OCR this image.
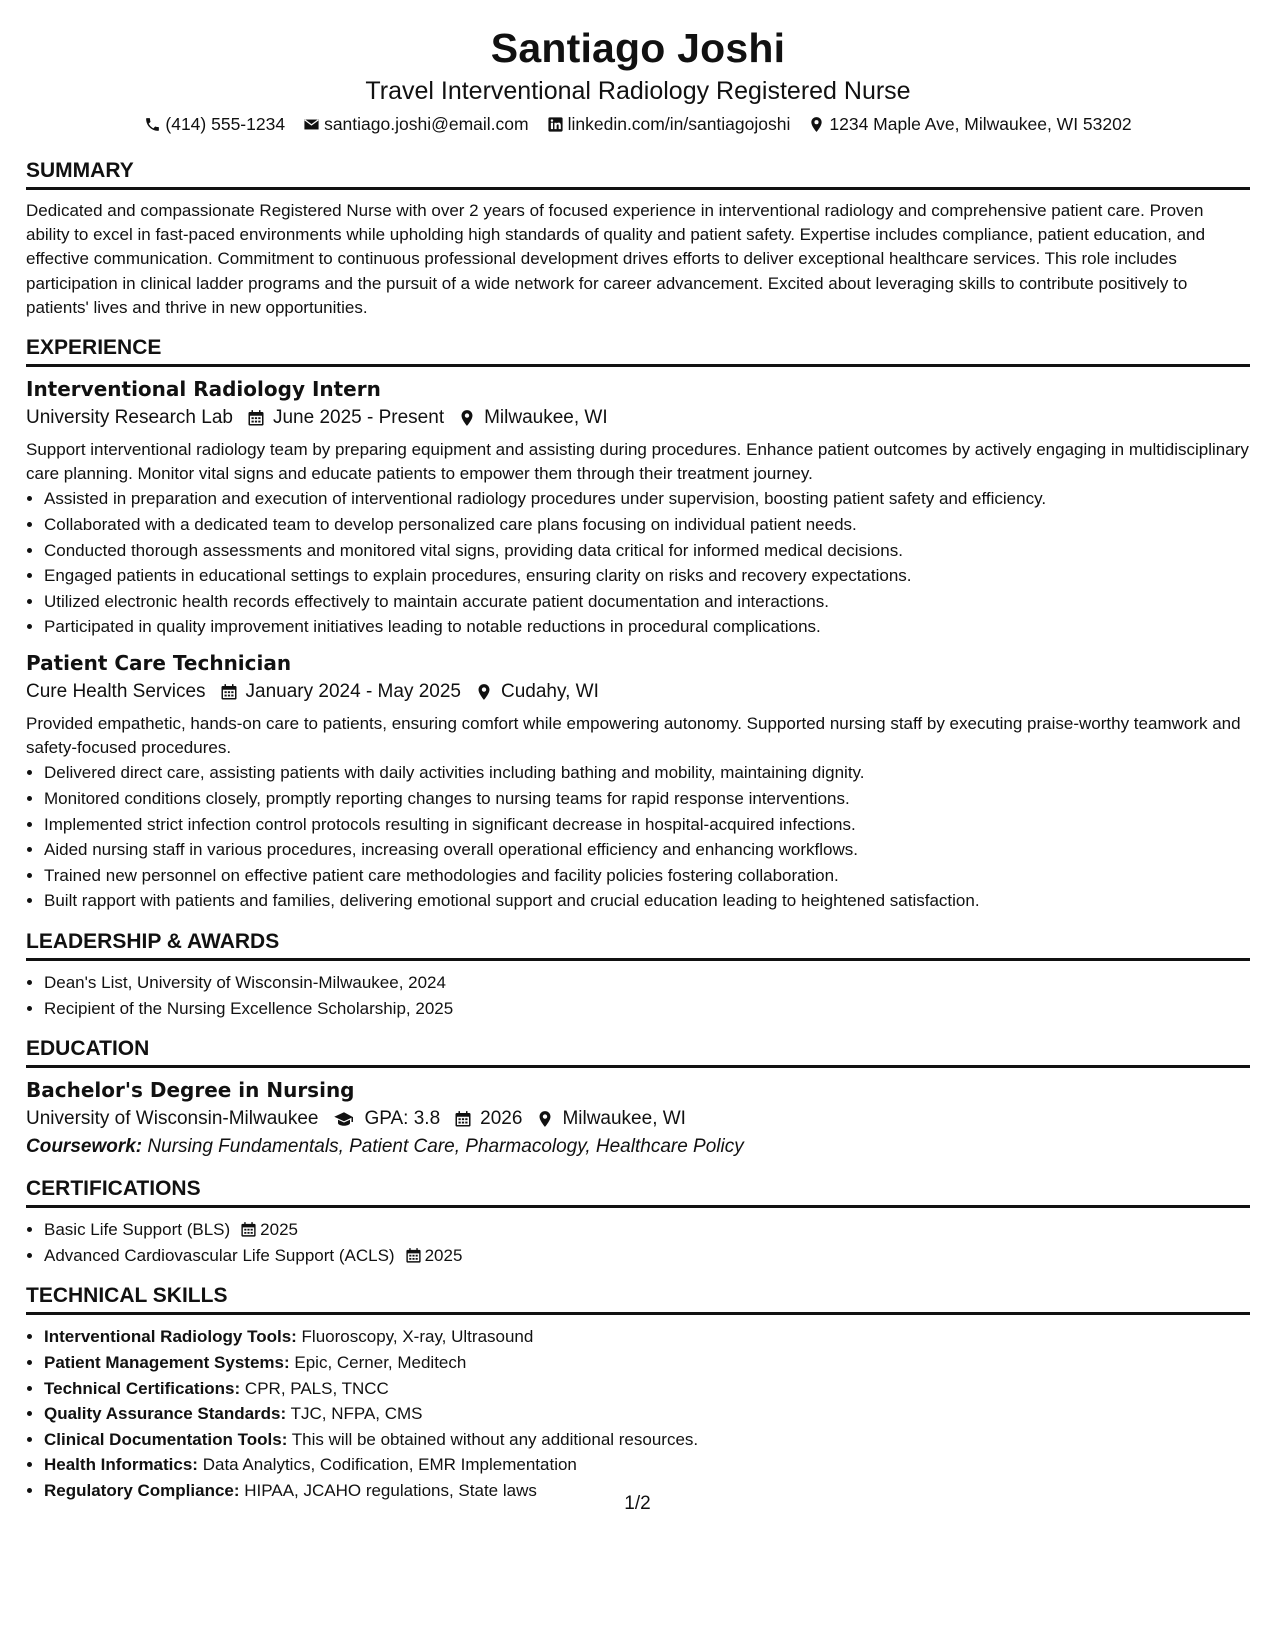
Santiago Joshi
Travel Interventional Radiology Registered Nurse
(414) 555-1234 santiago.joshi@email.com linkedin.com/in/santiagojoshi 1234 Maple Ave, Milwaukee, WI 53202
SUMMARY

Dedicated and compassionate Registered Nurse with over 2 years of focused experience in interventional radiology and comprehensive patient care. Proven ability to excel in fast-paced environments while upholding high standards of quality and patient safety. Expertise includes compliance, patient education, and effective communication. Commitment to continuous professional development drives efforts to deliver exceptional healthcare services. This role includes participation in clinical ladder programs and the pursuit of a wide network for career advancement. Excited about leveraging skills to contribute positively to patients' lives and thrive in new opportunities.

EXPERIENCE
Interventional Radiology Intern
University Research Lab June 2025 - Present Milwaukee, WI

Support interventional radiology team by preparing equipment and assisting during procedures. Enhance patient outcomes by actively engaging in multidisciplinary care planning. Monitor vital signs and educate patients to empower them through their treatment journey.

• Assisted in preparation and execution of interventional radiology procedures under supervision, boosting patient safety and efficiency.
• Collaborated with a dedicated team to develop personalized care plans focusing on individual patient needs.
• Conducted thorough assessments and monitored vital signs, providing data critical for informed medical decisions.
• Engaged patients in educational settings to explain procedures, ensuring clarity on risks and recovery expectations.
• Utilized electronic health records effectively to maintain accurate patient documentation and interactions.
• Participated in quality improvement initiatives leading to notable reductions in procedural complications.
Patient Care Technician
Cure Health Services January 2024 - May 2025 Cudahy, WI

Provided empathetic, hands-on care to patients, ensuring comfort while empowering autonomy. Supported nursing staff by executing praise-worthy teamwork and safety-focused procedures.

• Delivered direct care, assisting patients with daily activities including bathing and mobility, maintaining dignity.
• Monitored conditions closely, promptly reporting changes to nursing teams for rapid response interventions.
• Implemented strict infection control protocols resulting in significant decrease in hospital-acquired infections.
• Aided nursing staff in various procedures, increasing overall operational efficiency and enhancing workflows.
• Trained new personnel on effective patient care methodologies and facility policies fostering collaboration.
• Built rapport with patients and families, delivering emotional support and crucial education leading to heightened satisfaction.
LEADERSHIP & AWARDS
• Dean's List, University of Wisconsin-Milwaukee, 2024
• Recipient of the Nursing Excellence Scholarship, 2025
EDUCATION
Bachelor's Degree in Nursing
University of Wisconsin-Milwaukee GPA: 3.8 2026 Milwaukee, WI
Coursework: Nursing Fundamentals, Patient Care, Pharmacology, Healthcare Policy
CERTIFICATIONS
• Basic Life Support (BLS) 2025
• Advanced Cardiovascular Life Support (ACLS) 2025
TECHNICAL SKILLS
• Interventional Radiology Tools: Fluoroscopy, X-ray, Ultrasound
• Patient Management Systems: Epic, Cerner, Meditech
• Technical Certifications: CPR, PALS, TNCC
• Quality Assurance Standards: TJC, NFPA, CMS
• Clinical Documentation Tools: This will be obtained without any additional resources.
• Health Informatics: Data Analytics, Codification, EMR Implementation
• Regulatory Compliance: HIPAA, JCAHO regulations, State laws
1/2
